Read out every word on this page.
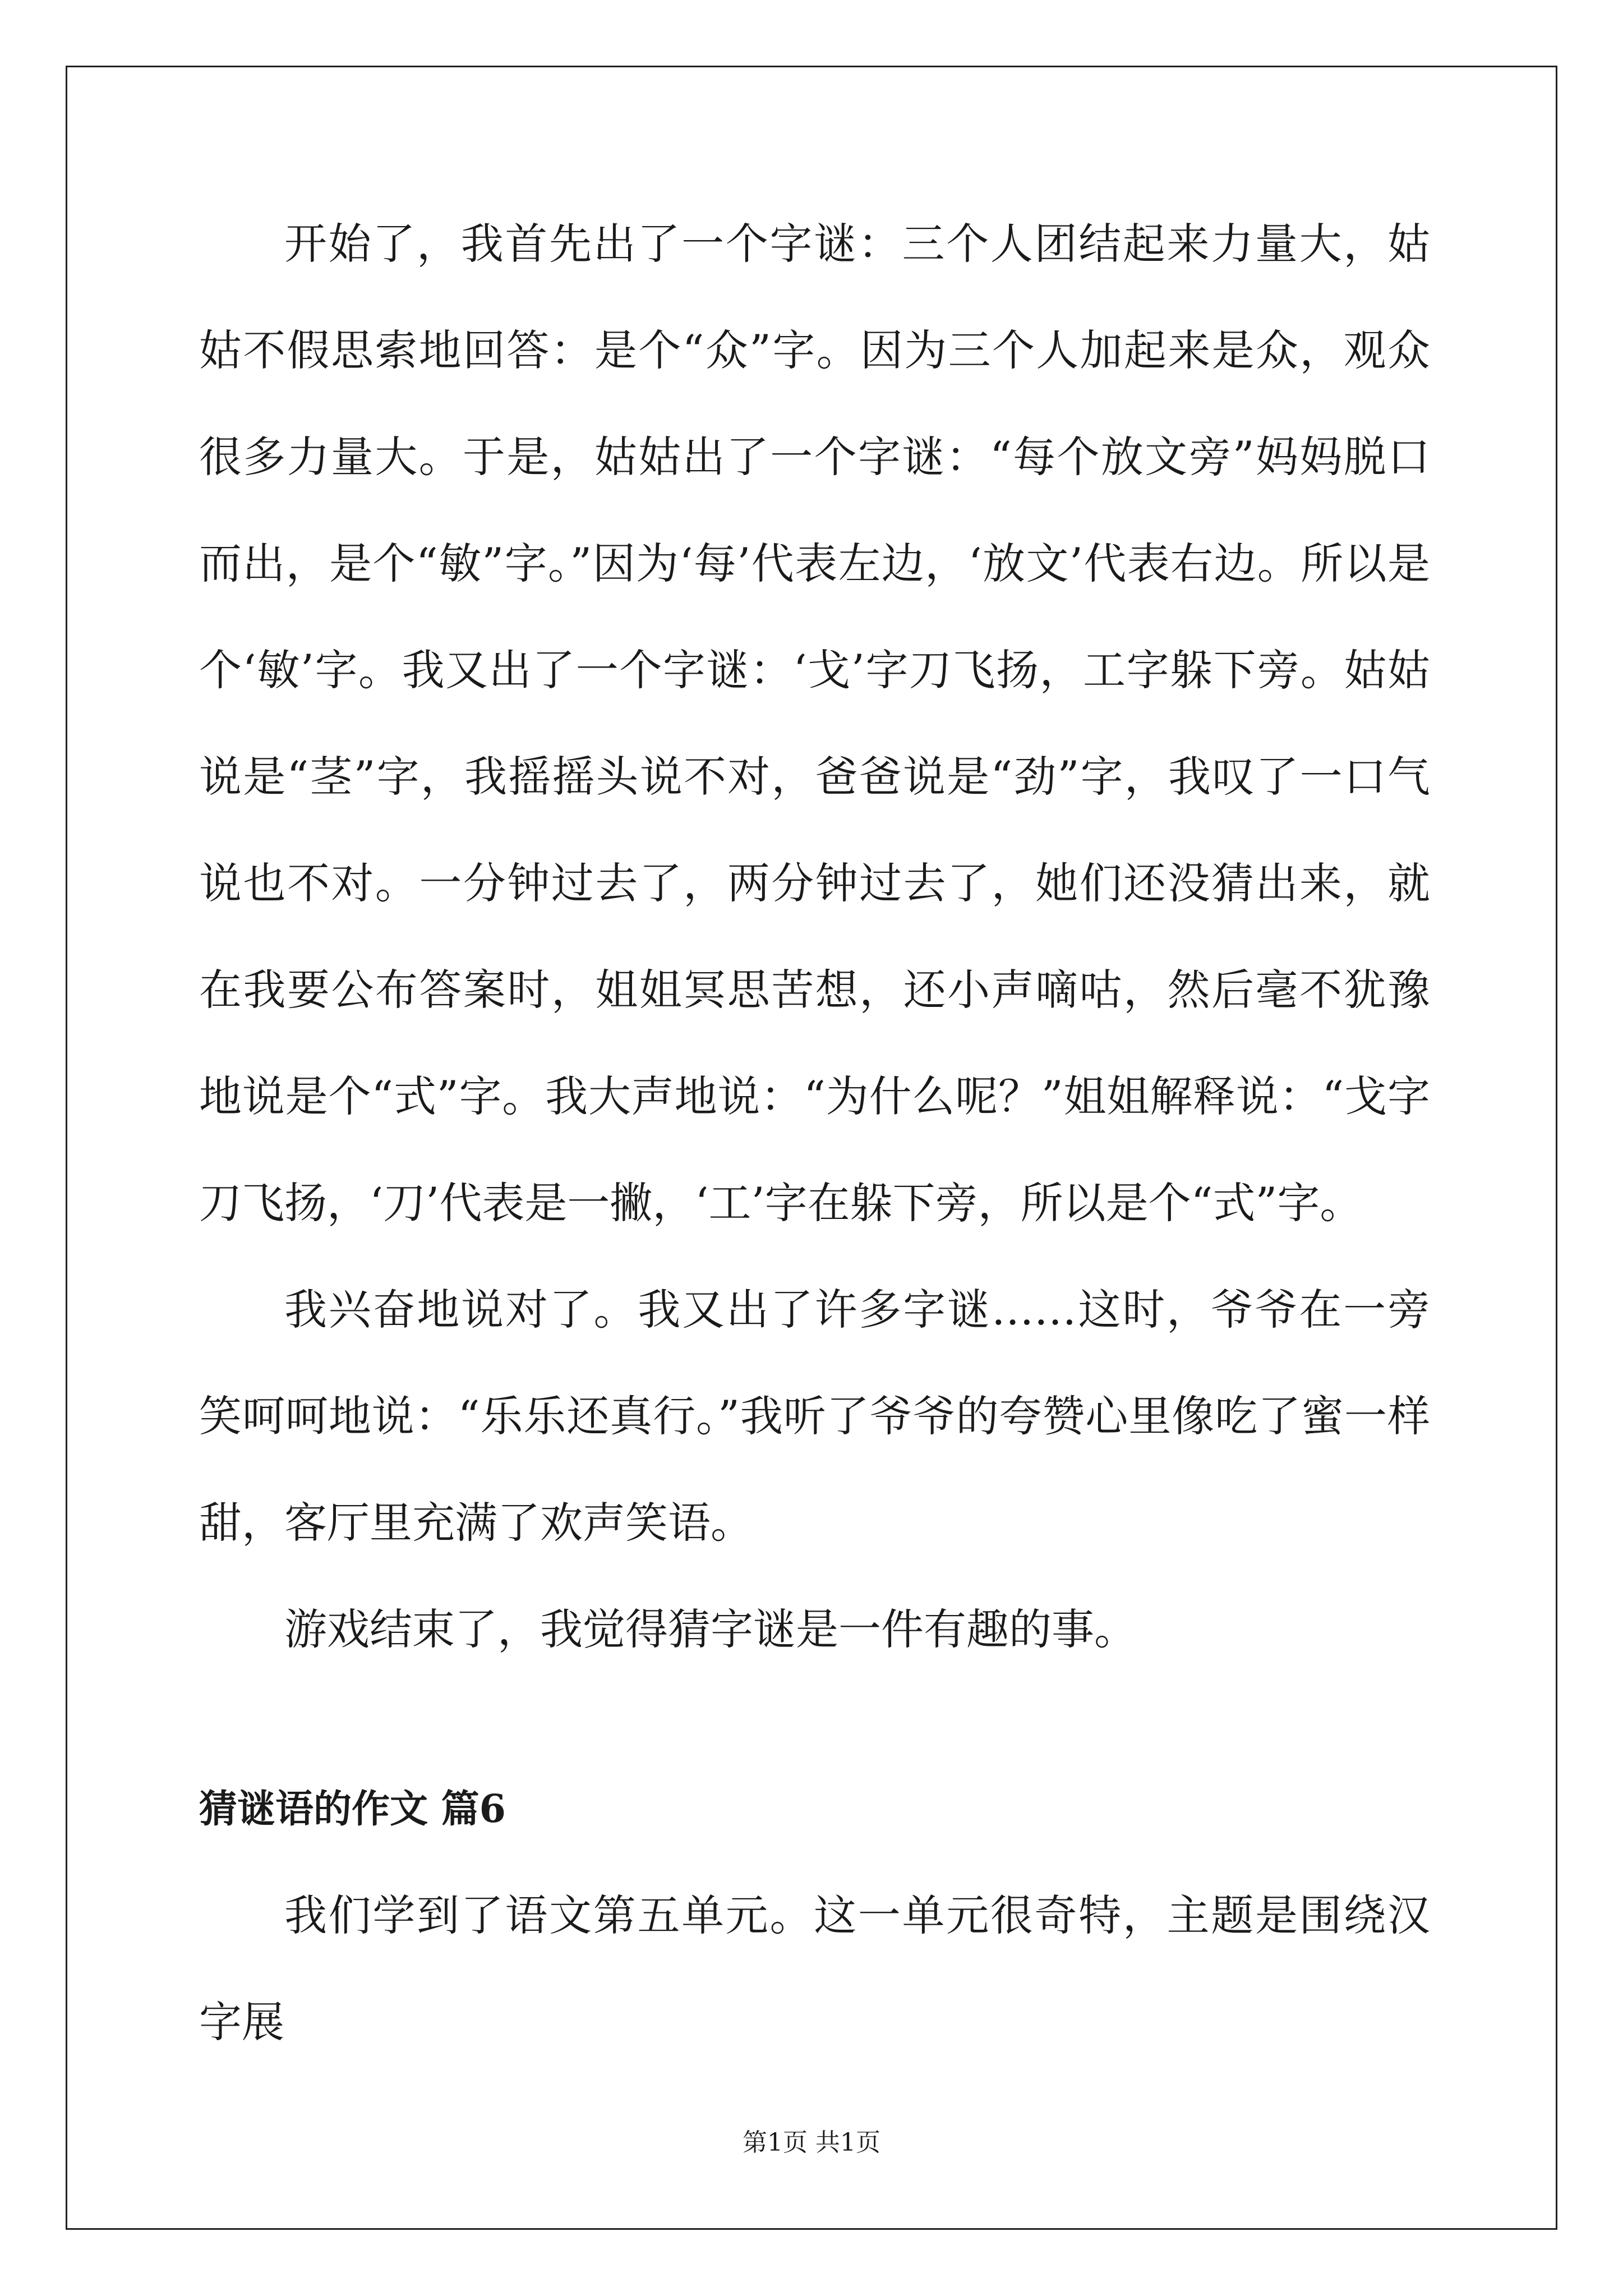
开始了，我首先出了一个字谜：三个人团结起来力量大，姑姑不假思索地回答：是个“众”字。因为三个人加起来是众，观众很多力量大。于是，姑姑出了一个字谜：“每个放文旁”妈妈脱口而出，是个“敏”字。”因为‘每’代表左边，‘放文’代表右边。所以是个‘敏’字。我又出了一个字谜：‘戈’字刀飞扬，工字躲下旁。姑姑说是“茎”字，我摇摇头说不对，爸爸说是“劲”字，我叹了一口气说也不对。一分钟过去了，两分钟过去了，她们还没猜出来，就在我要公布答案时，姐姐冥思苦想，还小声嘀咕，然后毫不犹豫地说是个“式”字。我大声地说：“为什么呢？”姐姐解释说：“戈字刀飞扬，‘刀’代表是一撇，‘工’字在躲下旁，所以是个“式”字。

我兴奋地说对了。我又出了许多字谜……这时，爷爷在一旁笑呵呵地说：“乐乐还真行。”我听了爷爷的夸赞心里像吃了蜜一样甜，客厅里充满了欢声笑语。

游戏结束了，我觉得猜字谜是一件有趣的事。

猜谜语的作文 篇6

我们学到了语文第五单元。这一单元很奇特，主题是围绕汉字展

第1页 共1页
